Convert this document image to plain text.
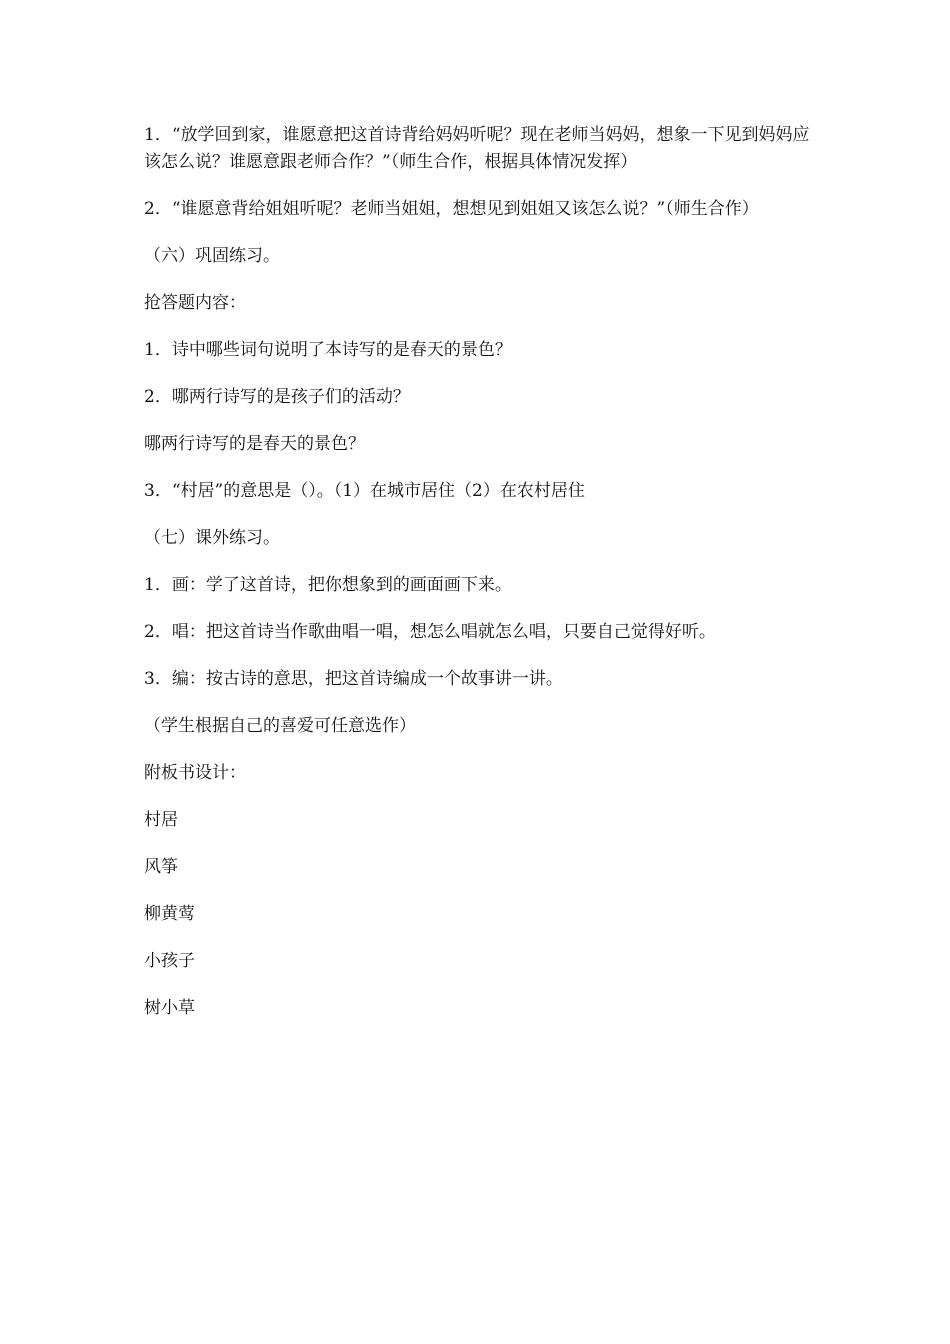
1．“放学回到家，谁愿意把这首诗背给妈妈听呢？现在老师当妈妈，想象一下见到妈妈应该怎么说？谁愿意跟老师合作？”（师生合作，根据具体情况发挥）

2．“谁愿意背给姐姐听呢？老师当姐姐，想想见到姐姐又该怎么说？”（师生合作）

（六）巩固练习。

抢答题内容：

1．诗中哪些词句说明了本诗写的是春天的景色？

2．哪两行诗写的是孩子们的活动？

哪两行诗写的是春天的景色？

3．“村居”的意思是（）。（1）在城市居住（2）在农村居住

（七）课外练习。

1．画：学了这首诗，把你想象到的画面画下来。

2．唱：把这首诗当作歌曲唱一唱，想怎么唱就怎么唱，只要自己觉得好听。

3．编：按古诗的意思，把这首诗编成一个故事讲一讲。

（学生根据自己的喜爱可任意选作）

附板书设计：

村居

风筝

柳黄莺

小孩子

树小草
